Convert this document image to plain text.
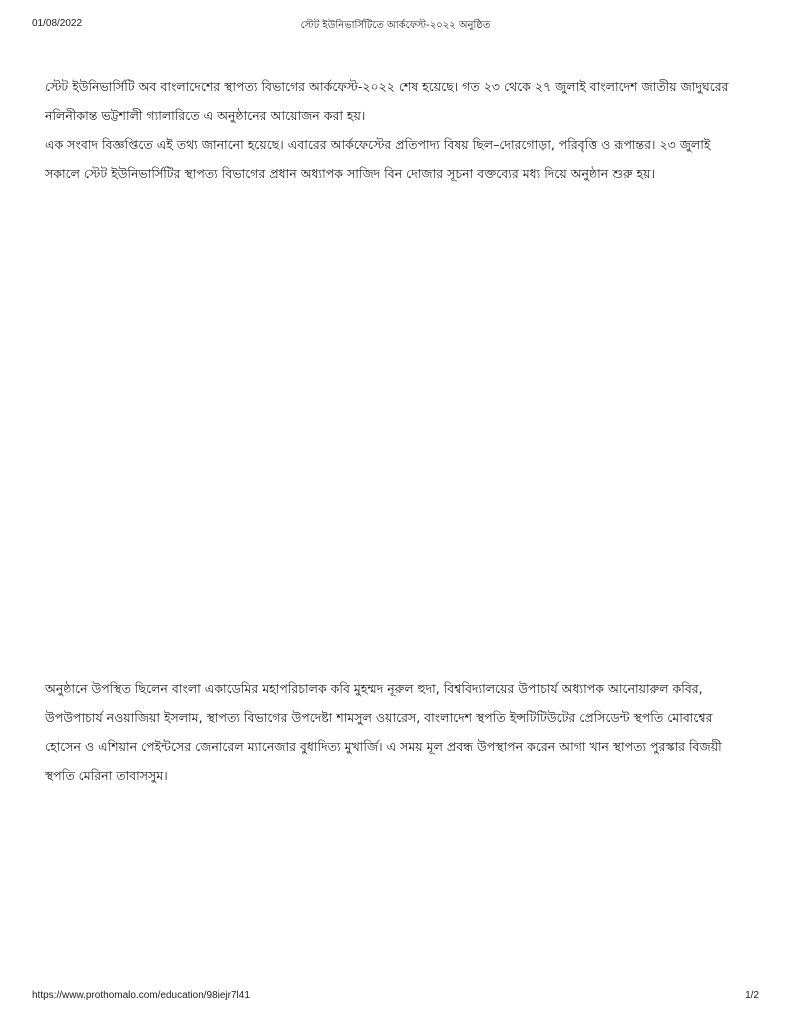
01/08/2022	স্টেট ইউনিভার্সিটিতে আর্কফেস্ট-২০২২ অনুষ্ঠিত

স্টেট ইউনিভার্সিটি অব বাংলাদেশের স্থাপত্য বিভাগের আর্কফেস্ট-২০২২ শেষ হয়েছে। গত ২৩ থেকে ২৭ জুলাই বাংলাদেশ জাতীয় জাদুঘরের নলিনীকান্ত ভট্টশালী গ্যালারিতে এ অনুষ্ঠানের আয়োজন করা হয়।

এক সংবাদ বিজ্ঞপ্তিতে এই তথ্য জানানো হয়েছে। এবারের আর্কফেস্টের প্রতিপাদ্য বিষয় ছিল–দোরগোড়া, পরিবৃত্তি ও রূপান্তর। ২৩ জুলাই সকালে স্টেট ইউনিভার্সিটির স্থাপত্য বিভাগের প্রধান অধ্যাপক সাজিদ বিন দোজার সূচনা বক্তব্যের মধ্য দিয়ে অনুষ্ঠান শুরু হয়।

অনুষ্ঠানে উপস্থিত ছিলেন বাংলা একাডেমির মহাপরিচালক কবি মুহম্মদ নূরুল হুদা, বিশ্ববিদ্যালয়ের উপাচার্য অধ্যাপক আনোয়ারুল কবির, উপউপাচার্য নওয়াজিয়া ইসলাম, স্থাপত্য বিভাগের উপদেষ্টা শামসুল ওয়ারেস, বাংলাদেশ স্থপতি ইন্সটিটিউটের প্রেসিডেন্ট স্থপতি মোবাশ্বের হোসেন ও এশিয়ান পেইন্টসের জেনারেল ম্যানেজার বুধাদিত্য মুখার্জি। এ সময় মূল প্রবন্ধ উপস্থাপন করেন আগা খান স্থাপত্য পুরস্কার বিজয়ী স্থপতি মেরিনা তাবাসসুম।

https://www.prothomalo.com/education/98iejr7l41	1/2
